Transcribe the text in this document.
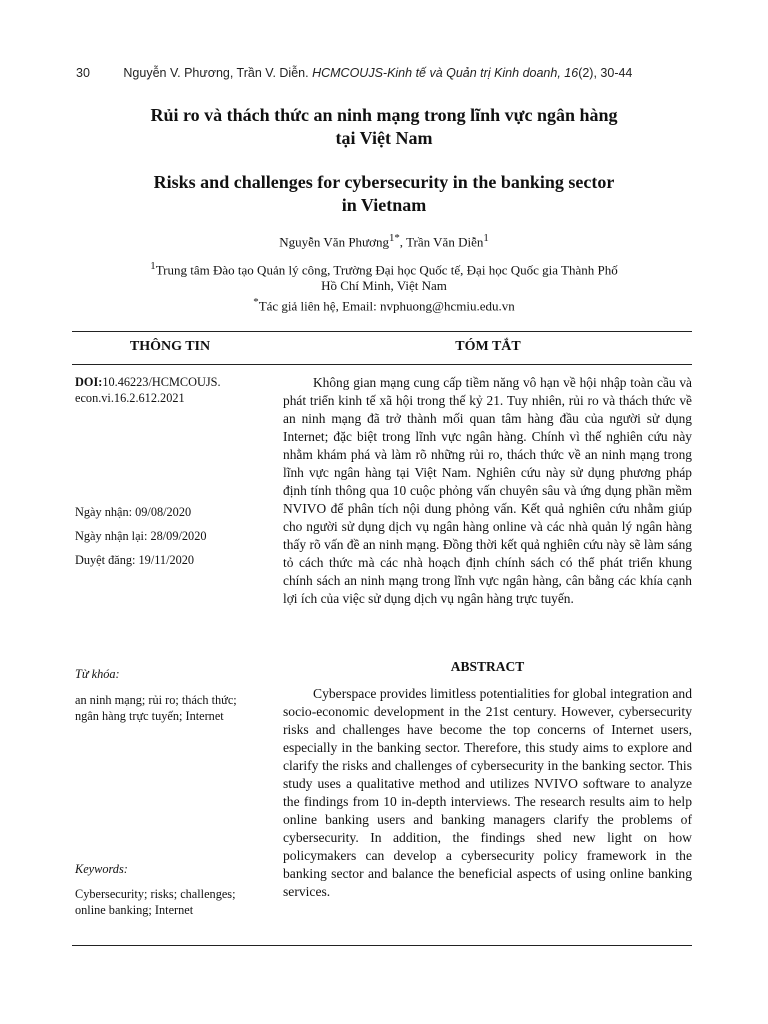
30	Nguyễn V. Phương, Trần V. Diễn. HCMCOUJS-Kinh tế và Quản trị Kinh doanh, 16(2), 30-44
Rủi ro và thách thức an ninh mạng trong lĩnh vực ngân hàng
tại Việt Nam
Risks and challenges for cybersecurity in the banking sector
in Vietnam
Nguyễn Văn Phương$^{1*}$, Trần Văn Diễn$^1$
$^1$Trung tâm Đào tạo Quản lý công, Trường Đại học Quốc tế, Đại học Quốc gia Thành Phố
Hồ Chí Minh, Việt Nam
*Tác giả liên hệ, Email: nvphuong@hcmiu.edu.vn
THÔNG TIN	TÓM TẮT
DOI:10.46223/HCMCOUJS.
econ.vi.16.2.612.2021
Ngày nhận: 09/08/2020
Ngày nhận lại: 28/09/2020
Duyệt đăng: 19/11/2020
Từ khóa:
an ninh mạng; rủi ro; thách thức;
ngân hàng trực tuyến; Internet
Keywords:
Cybersecurity; risks; challenges;
online banking; Internet
Không gian mạng cung cấp tiềm năng vô hạn về hội nhập toàn cầu và phát triển kinh tế xã hội trong thế kỷ 21. Tuy nhiên, rủi ro và thách thức về an ninh mạng đã trở thành mối quan tâm hàng đầu của người sử dụng Internet; đặc biệt trong lĩnh vực ngân hàng. Chính vì thế nghiên cứu này nhằm khám phá và làm rõ những rủi ro, thách thức về an ninh mạng trong lĩnh vực ngân hàng tại Việt Nam. Nghiên cứu này sử dụng phương pháp định tính thông qua 10 cuộc phỏng vấn chuyên sâu và ứng dụng phần mềm NVIVO để phân tích nội dung phỏng vấn. Kết quả nghiên cứu nhằm giúp cho người sử dụng dịch vụ ngân hàng online và các nhà quản lý ngân hàng thấy rõ vấn đề an ninh mạng. Đồng thời kết quả nghiên cứu này sẽ làm sáng tỏ cách thức mà các nhà hoạch định chính sách có thể phát triển khung chính sách an ninh mạng trong lĩnh vực ngân hàng, cân bằng các khía cạnh lợi ích của việc sử dụng dịch vụ ngân hàng trực tuyến.
ABSTRACT
Cyberspace provides limitless potentialities for global integration and socio-economic development in the 21st century. However, cybersecurity risks and challenges have become the top concerns of Internet users, especially in the banking sector. Therefore, this study aims to explore and clarify the risks and challenges of cybersecurity in the banking sector. This study uses a qualitative method and utilizes NVIVO software to analyze the findings from 10 in-depth interviews. The research results aim to help online banking users and banking managers clarify the problems of cybersecurity. In addition, the findings shed new light on how policymakers can develop a cybersecurity policy framework in the banking sector and balance the beneficial aspects of using online banking services.
